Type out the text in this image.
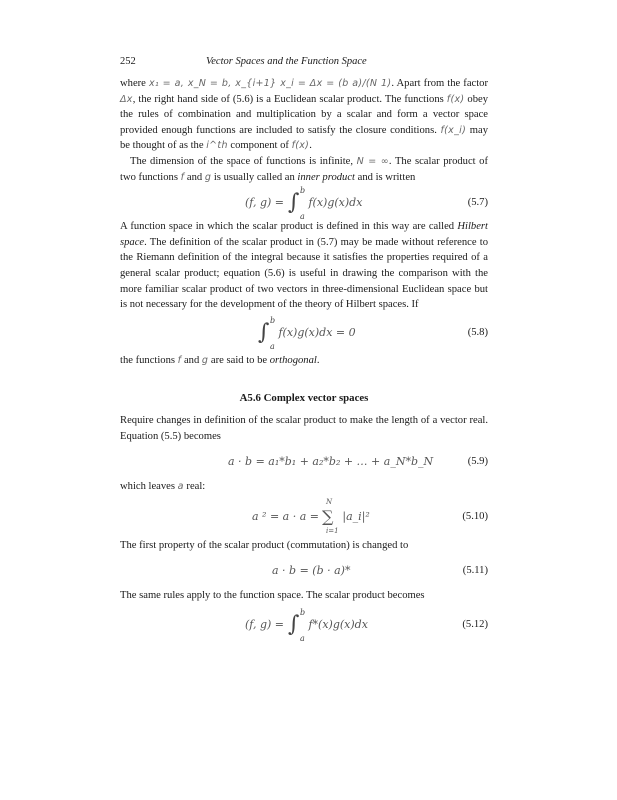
252	Vector Spaces and the Function Space

where x₁ = a, x_N = b, x_{i+1} x_i = Δx = (b a)/(N 1). Apart from the factor Δx, the right hand side of (5.6) is a Euclidean scalar product. The functions f(x) obey the rules of combination and multiplication by a scalar and form a vector space provided enough functions are included to satisfy the closure conditions. f(x_i) may be thought of as the i^th component of f(x).

The dimension of the space of functions is infinite, N = ∞. The scalar product of two functions f and g is usually called an inner product and is written

(f, g) = ∫ b
a
f(x)g(x)dx	(5.7)

A function space in which the scalar product is defined in this way are called Hilbert space. The definition of the scalar product in (5.7) may be made without reference to the Riemann definition of the integral because it satisfies the properties required of a general scalar product; equation (5.6) is useful in drawing the comparison with the more familiar scalar product of two vectors in three-dimensional Euclidean space but is not necessary for the development of the theory of Hilbert spaces. If

∫ b
a
f(x)g(x)dx = 0	(5.8)

the functions f and g are said to be orthogonal.

A5.6 Complex vector spaces

Require changes in definition of the scalar product to make the length of a vector real. Equation (5.5) becomes

a · b = a₁*b₁ + a₂*b₂ + … + a_N*b_N	(5.9)

which leaves a real:

a ² = a · a = ∑
N
i=1
|a_i|²	(5.10)

The first property of the scalar product (commutation) is changed to

a · b = (b · a)*	(5.11)

The same rules apply to the function space. The scalar product becomes

(f, g) = ∫ b
a
f*(x)g(x)dx	(5.12)
